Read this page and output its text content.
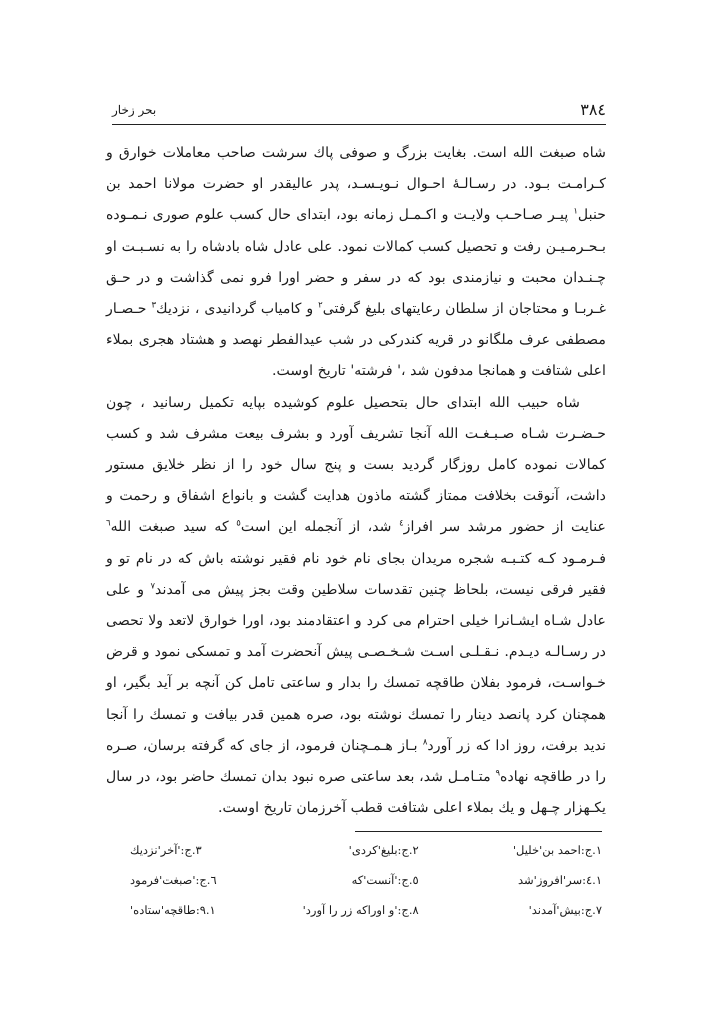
٣٨٤
بحر زخار

شاه صبغت الله است. بغایت بزرگ و صوفی پاك سرشت صاحب معاملات خوارق و کـرامـت بـود. در رسـالـهٔ احـوال نـویـسـد، پدر عالیقدر او حضرت مولانا احمد بن حنبل$^١$ پیـر صـاحـب ولایـت و اکـمـل زمانه بود، ابتدای حال کسب علوم صوری نـمـوده بـحـرمـیـن رفت و تحصیل کسب کمالات نمود. علی عادل شاه بادشاه را به نسـبـت او چـنـدان محبت و نیازمندی بود که در سفر و حضر اورا فرو نمی گذاشت و در حـق غـربـا و محتاجان از سلطان رعایتهای بلیغ گرفتی$^٢$ و کامیاب گردانیدی ، نزدیك$^٣$ حـصـار مصطفی عرف ملگانو در قریه کندرکی در شب عیدالفطر نهصد و هشتاد هجری بملاء اعلی شتافت و همانجا مدفون شد ،' فرشته' تاریخ اوست.

شاه حبیب الله ابتدای حال بتحصیل علوم کوشیده بپایه تکمیل رسانید ، چون حـضـرت شـاه صـبـغـت الله آنجا تشریف آورد و بشرف بیعت مشرف شد و کسب کمالات نموده کامل روزگار گردید بست و پنج سال خود را از نظر خلایق مستور داشت، آنوقت بخلافت ممتاز گشته ماذون هدایت گشت و بانواع اشفاق و رحمت و عنایت از حضور مرشد سر افراز$^٤$ شد، از آنجمله این است$^٥$ که سید صبغت الله$^٦$ فـرمـود کـه کتـبـه شجره مریدان بجای نام خود نام فقیر نوشته باش که در نام تو و فقیر فرقی نیست، بلحاظ چنین تقدسات سلاطین وقت بجز پیش می آمدند$^٧$ و علی عادل شـاه ایشـانرا خیلی احترام می کرد و اعتقادمند بود، اورا خوارق لاتعد ولا تحصی در رسـالـه دیـدم. نـقـلـی اسـت شـخـصـی پیش آنحضرت آمد و تمسکی نمود و قرض خـواسـت، فرمود بفلان طاقچه تمسك را بدار و ساعتی تامل کن آنچه بر آید بگیر، او همچنان کرد پانصد دینار را تمسك نوشته بود، صره همین قدر بیافت و تمسك را آنجا ندید برفت، روز ادا که زر آورد$^٨$ بـاز هـمـچنان فرمود، از جای که گرفته برسان، صـره را در طاقچه نهاده$^٩$ متـامـل شد، بعد ساعتی صره نبود بدان تمسك حاضر بود، در سال یکـهزار چـهل و یك بملاء اعلی شتافت قطب آخرزمان تاریخ اوست.

١.ج:احمد بن'خلیل'
٢.ج:بلیغ'کردی'
٣.ج:'آخر'نزدیك
٤.١:سر'افروز'شد
٥.ج:'آنست'که
٦.ج:'صبغت'فرمود
٧.ج:بیش'آمدند'
٨.ج:'و اوراکه زر را آورد'
٩.١:طاقچه'ستاده'
